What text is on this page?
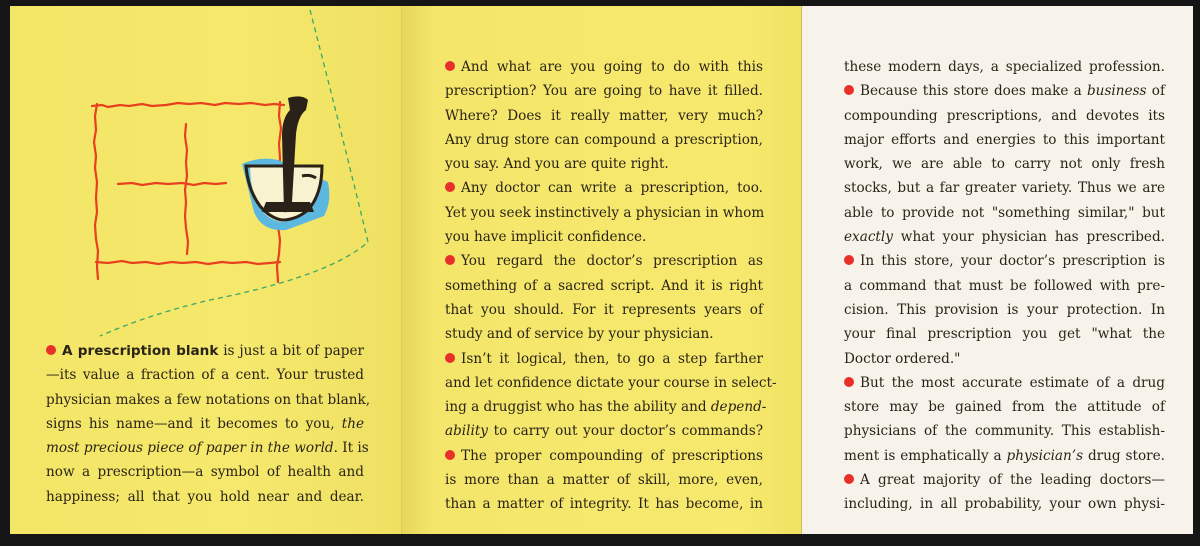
A prescription blank is just a bit of paper
—its value a fraction of a cent. Your trusted
physician makes a few notations on that blank,
signs his name—and it becomes to you, the
most precious piece of paper in the world. It is
now a prescription—a symbol of health and
happiness; all that you hold near and dear.
And what are you going to do with this
prescription? You are going to have it filled.
Where? Does it really matter, very much?
Any drug store can compound a prescription,
you say. And you are quite right.
Any doctor can write a prescription, too.
Yet you seek instinctively a physician in whom
you have implicit confidence.
You regard the doctor’s prescription as
something of a sacred script. And it is right
that you should. For it represents years of
study and of service by your physician.
Isn’t it logical, then, to go a step farther
and let confidence dictate your course in select-
ing a druggist who has the ability and depend-
ability to carry out your doctor’s commands?
The proper compounding of prescriptions
is more than a matter of skill, more, even,
than a matter of integrity. It has become, in
these modern days, a specialized profession.
Because this store does make a business of
compounding prescriptions, and devotes its
major efforts and energies to this important
work, we are able to carry not only fresh
stocks, but a far greater variety. Thus we are
able to provide not "something similar," but
exactly what your physician has prescribed.
In this store, your doctor’s prescription is
a command that must be followed with pre-
cision. This provision is your protection. In
your final prescription you get "what the
Doctor ordered."
But the most accurate estimate of a drug
store may be gained from the attitude of
physicians of the community. This establish-
ment is emphatically a physician’s drug store.
A great majority of the leading doctors—
including, in all probability, your own physi-
